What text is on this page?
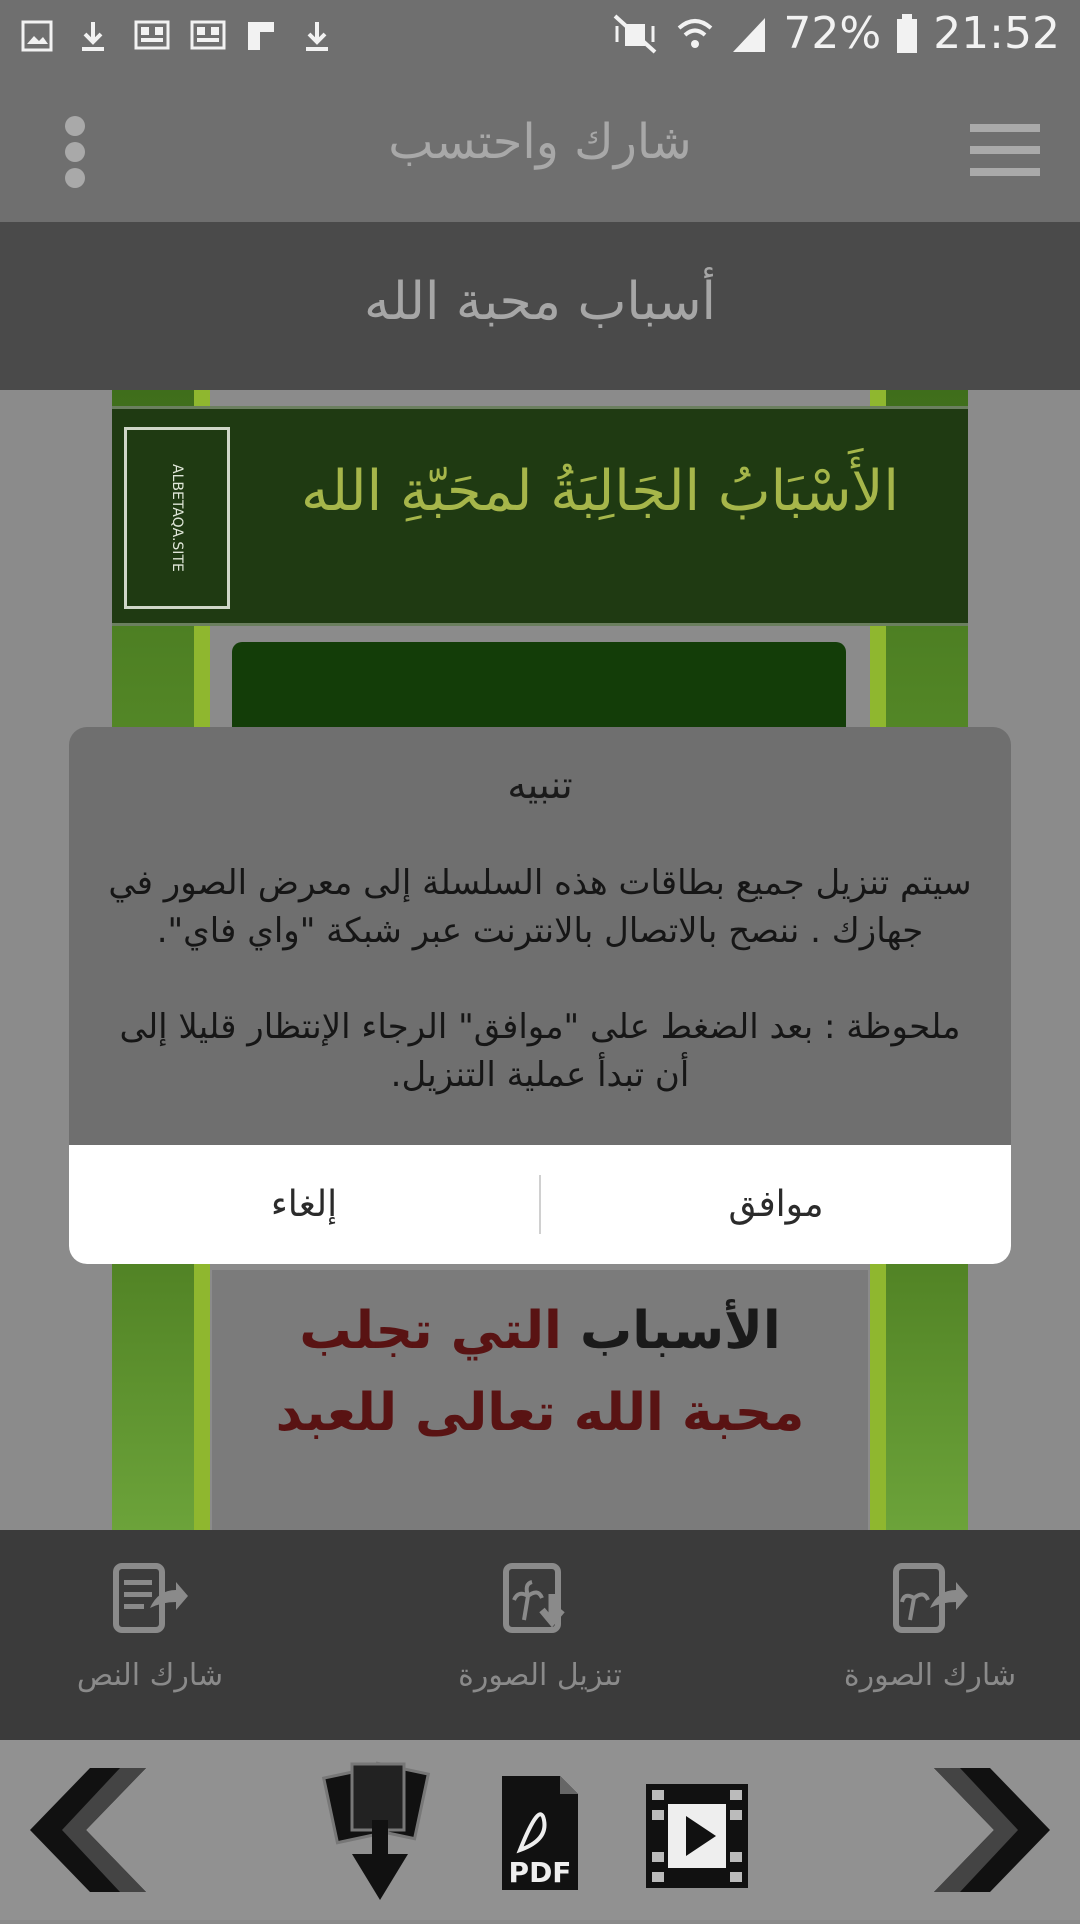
72% 21:52
شارك واحتسب
أسباب محبة الله
ALBETAQA.SITE	الأَسْبَابُ الجَالِبَةُ لمحَبّةِ الله
الأسباب التي تجلب
محبة الله تعالى للعبد
تنبيه

سيتم تنزيل جميع بطاقات هذه السلسلة إلى معرض الصور في جهازك . ننصح بالاتصال بالانترنت عبر شبكة "واي فاي".

ملحوظة : بعد الضغط على "موافق" الرجاء الإنتظار قليلا إلى أن تبدأ عملية التنزيل.

إلغاء	موافق
شارك النص	تنزيل الصورة	شارك الصورة
PDF
